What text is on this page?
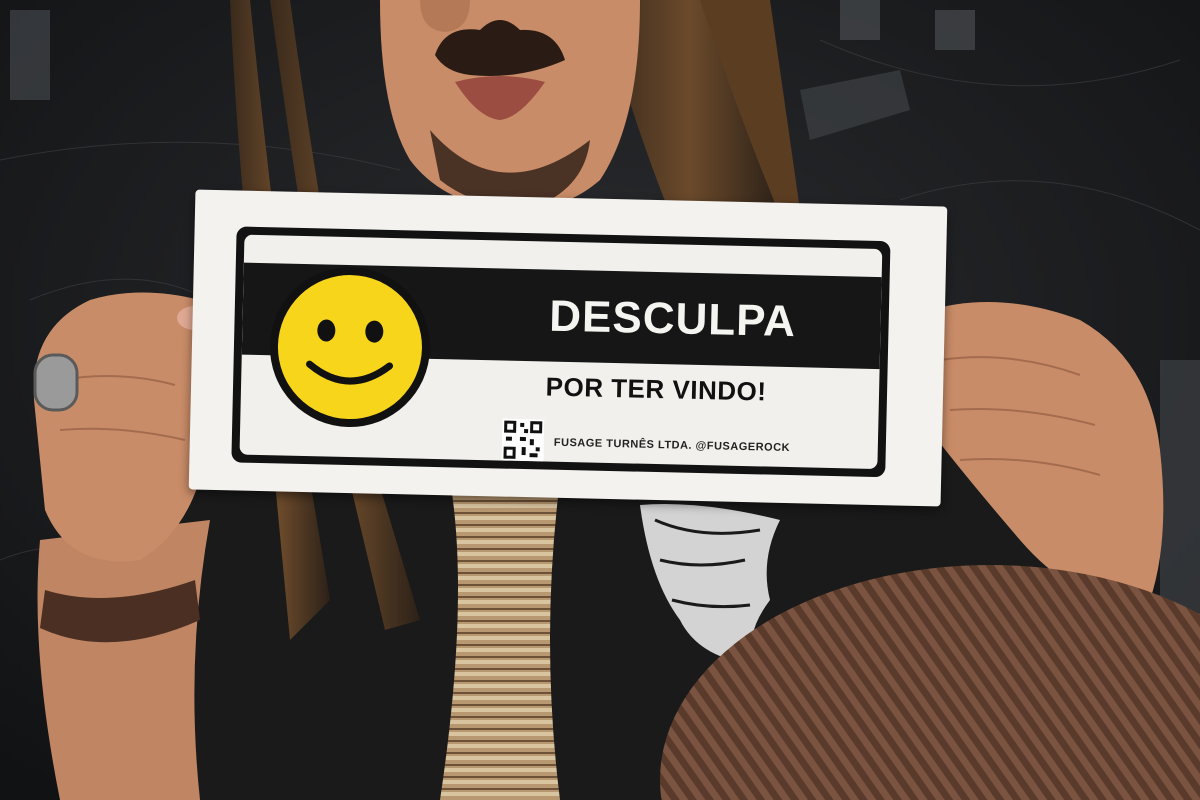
DESCULPA
POR TER VINDO!
FUSAGE TURNÊS LTDA. @FUSAGEROCK
